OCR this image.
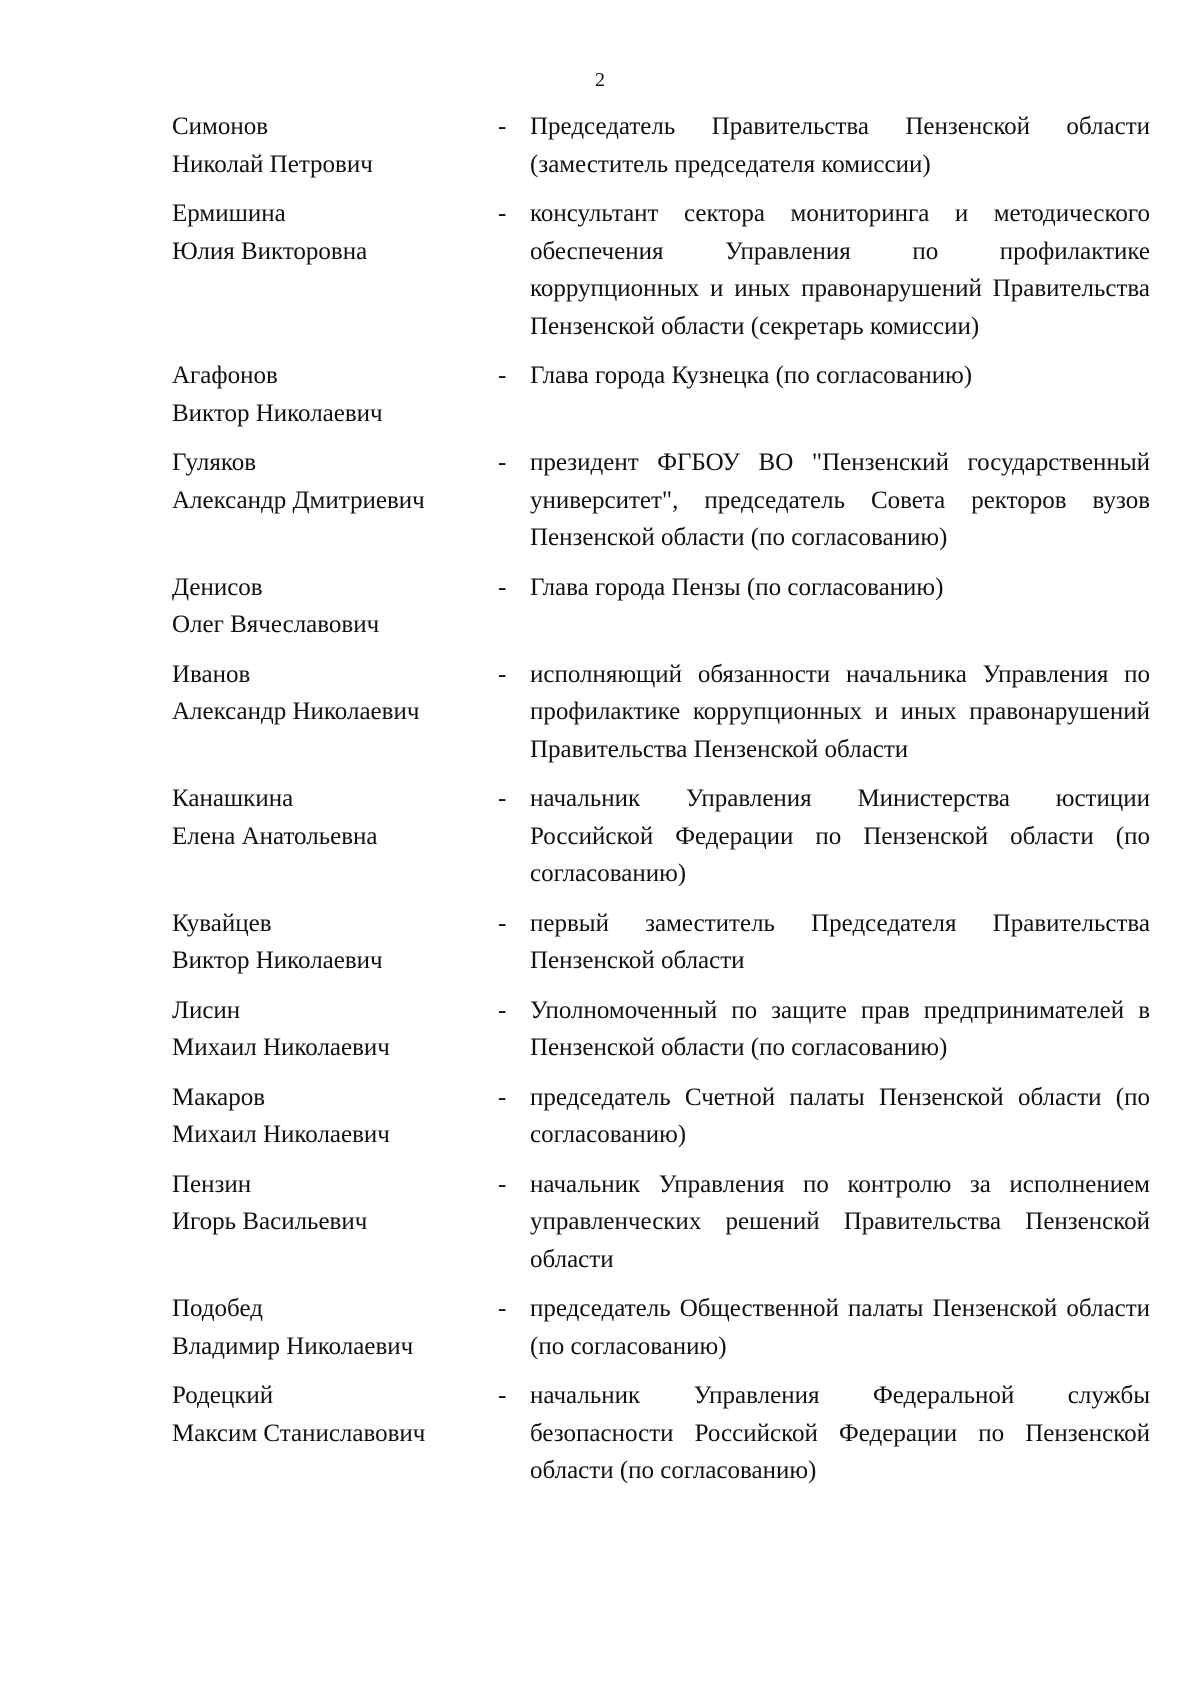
2
Симонов
Николай Петрович
- Председатель Правительства Пензенской области (заместитель председателя комиссии)
Ермишина
Юлия Викторовна
- консультант сектора мониторинга и методического обеспечения Управления по профилактике коррупционных и иных правонарушений Правительства Пензенской области (секретарь комиссии)
Агафонов
Виктор Николаевич
- Глава города Кузнецка (по согласованию)
Гуляков
Александр Дмитриевич
- президент ФГБОУ ВО "Пензенский государственный университет", председатель Совета ректоров вузов Пензенской области (по согласованию)
Денисов
Олег Вячеславович
- Глава города Пензы (по согласованию)
Иванов
Александр Николаевич
- исполняющий обязанности начальника Управления по профилактике коррупционных и иных правонарушений Правительства Пензенской области
Канашкина
Елена Анатольевна
- начальник Управления Министерства юстиции Российской Федерации по Пензенской области (по согласованию)
Кувайцев
Виктор Николаевич
- первый заместитель Председателя Правительства Пензенской области
Лисин
Михаил Николаевич
- Уполномоченный по защите прав предпринимателей в Пензенской области (по согласованию)
Макаров
Михаил Николаевич
- председатель Счетной палаты Пензенской области (по согласованию)
Пензин
Игорь Васильевич
- начальник Управления по контролю за исполнением управленческих решений Правительства Пензенской области
Подобед
Владимир Николаевич
- председатель Общественной палаты Пензенской области (по согласованию)
Родецкий
Максим Станиславович
- начальник Управления Федеральной службы безопасности Российской Федерации по Пензенской области (по согласованию)
